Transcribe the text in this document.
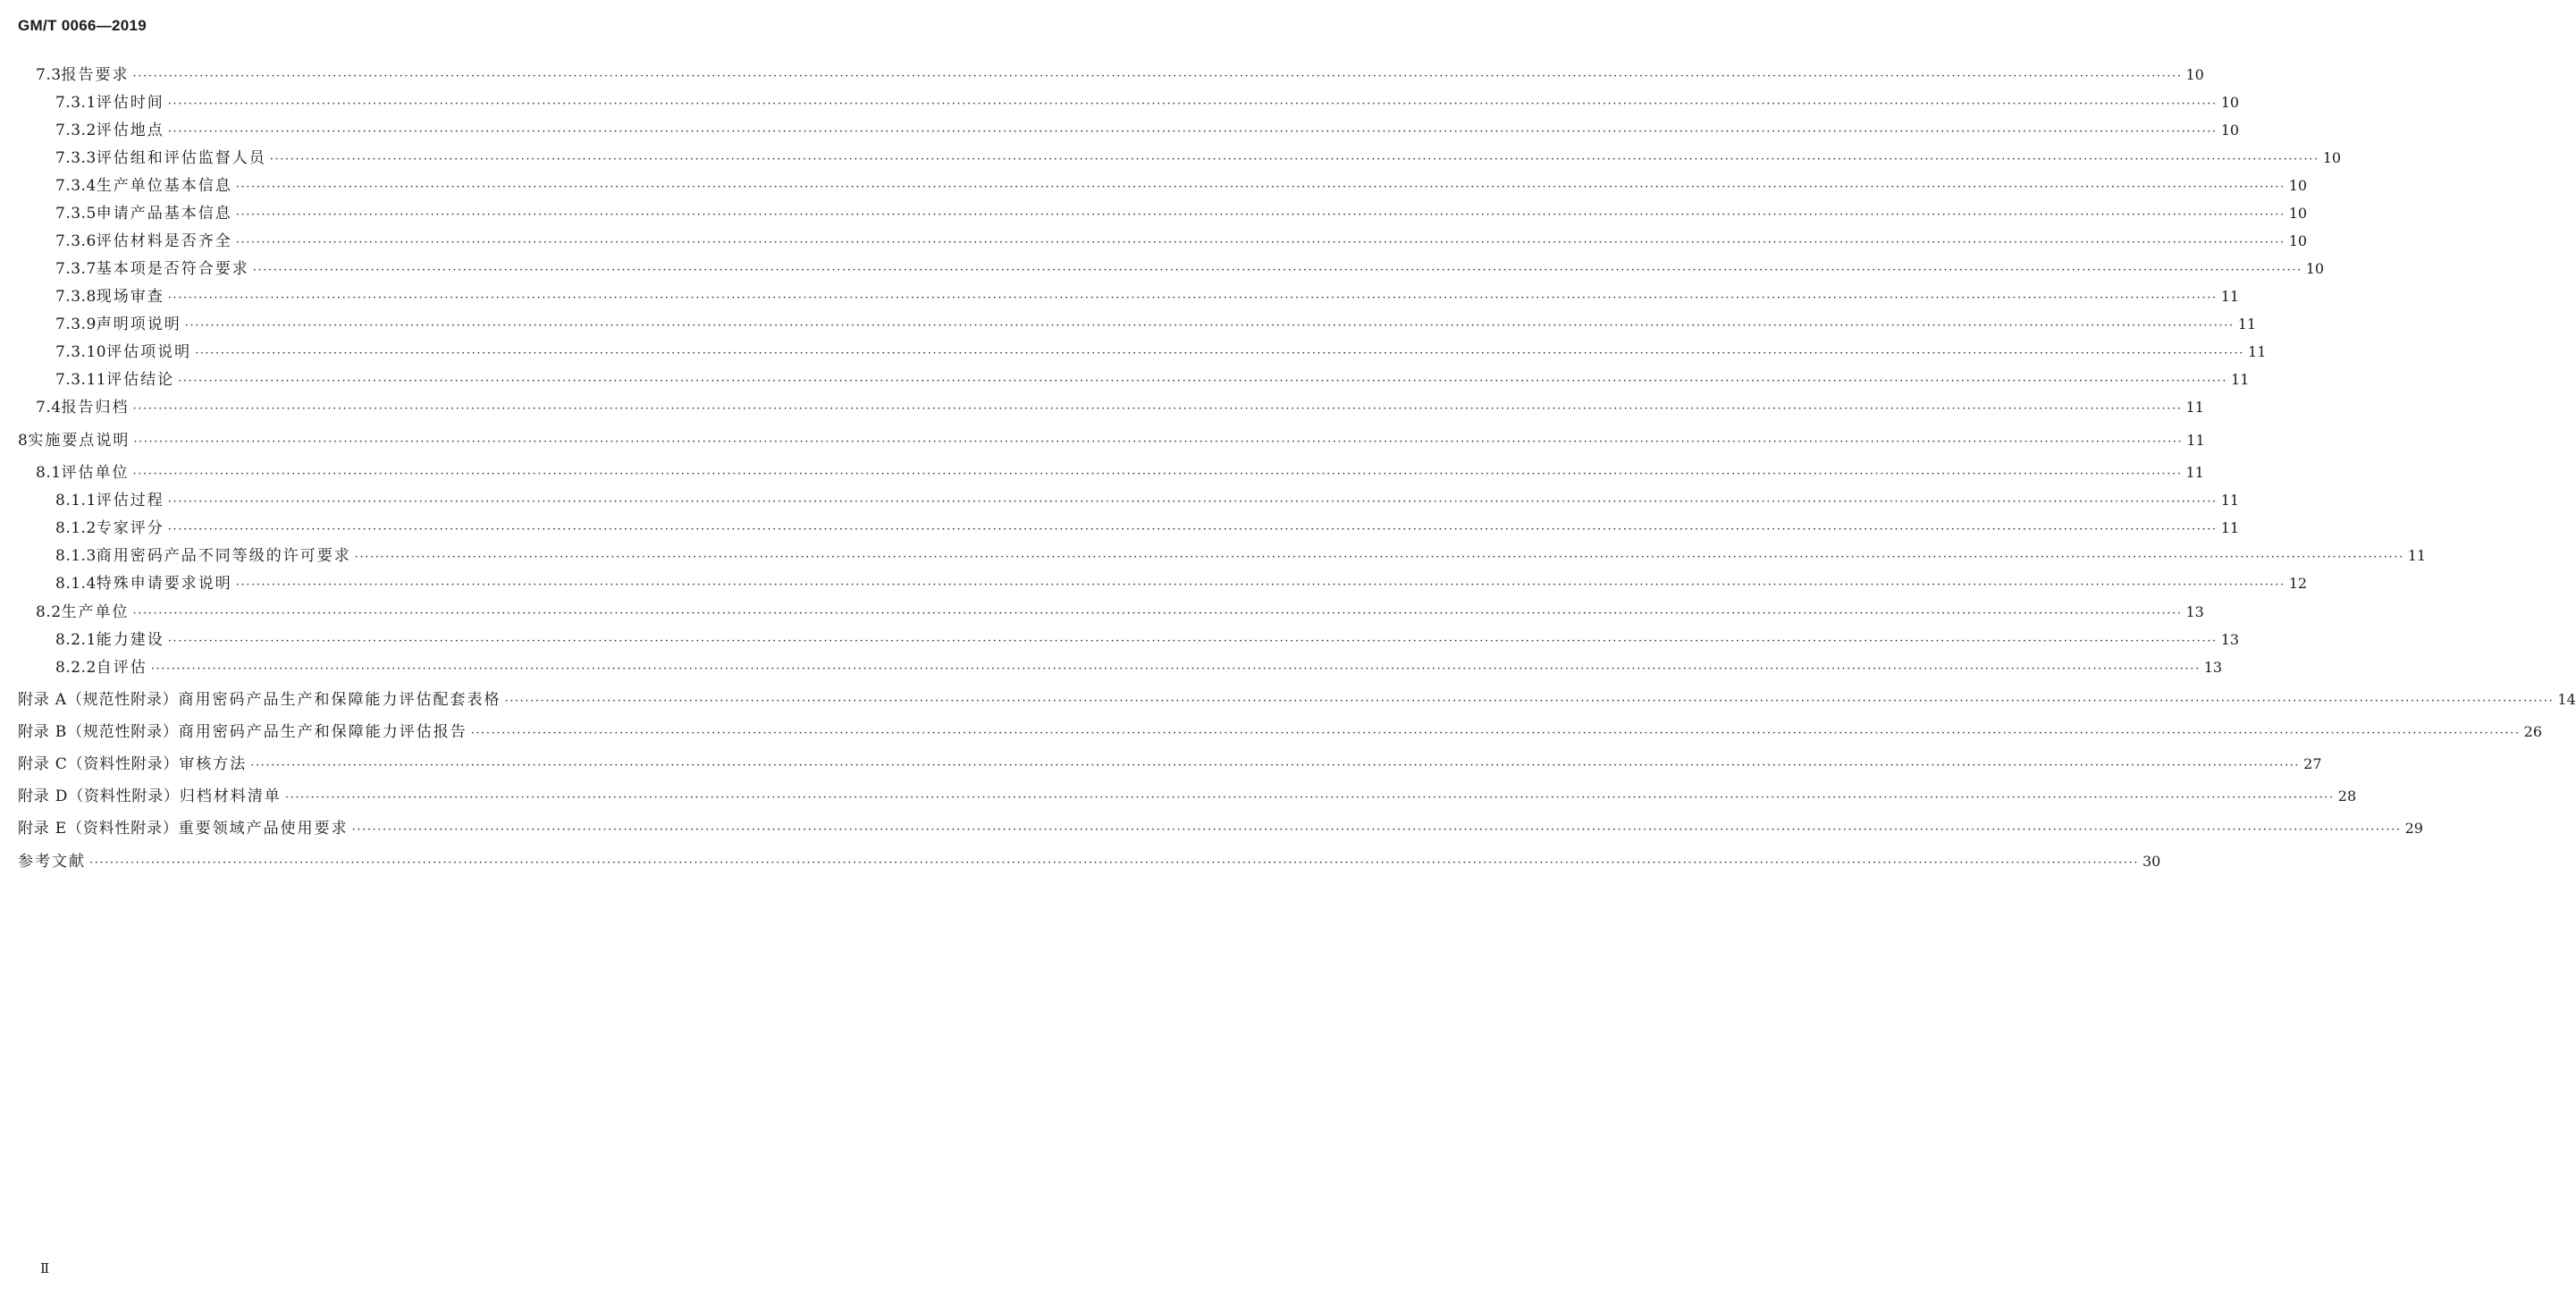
GM/T 0066—2019
7.3 报告要求 ················································································································································································································································································································································································································ 10
7.3.1 评估时间 ················································································································································································································································································································································································································ 10
7.3.2 评估地点 ················································································································································································································································································································································································································ 10
7.3.3 评估组和评估监督人员 ················································································································································································································································································································································································································ 10
7.3.4 生产单位基本信息 ················································································································································································································································································································································································································ 10
7.3.5 申请产品基本信息 ················································································································································································································································································································································································································ 10
7.3.6 评估材料是否齐全 ················································································································································································································································································································································································································ 10
7.3.7 基本项是否符合要求 ················································································································································································································································································································································································································ 10
7.3.8 现场审查 ················································································································································································································································································································································································································ 11
7.3.9 声明项说明 ················································································································································································································································································································································································································ 11
7.3.10 评估项说明 ················································································································································································································································································································································································································ 11
7.3.11 评估结论 ················································································································································································································································································································································································································ 11
7.4 报告归档 ················································································································································································································································································································································································································ 11
8 实施要点说明 ················································································································································································································································································································································································································ 11
8.1 评估单位 ················································································································································································································································································································································································································ 11
8.1.1 评估过程 ················································································································································································································································································································································································································ 11
8.1.2 专家评分 ················································································································································································································································································································································································································ 11
8.1.3 商用密码产品不同等级的许可要求 ················································································································································································································································································································································································································ 11
8.1.4 特殊申请要求说明 ················································································································································································································································································································································································································ 12
8.2 生产单位 ················································································································································································································································································································································································································ 13
8.2.1 能力建设 ················································································································································································································································································································································································································ 13
8.2.2 自评估 ················································································································································································································································································································································································································ 13
附录 A（规范性附录） 商用密码产品生产和保障能力评估配套表格 ················································································································································································································································································································································································································ 14
附录 B（规范性附录） 商用密码产品生产和保障能力评估报告 ················································································································································································································································································································································································································ 26
附录 C（资料性附录） 审核方法 ················································································································································································································································································································································································································ 27
附录 D（资料性附录） 归档材料清单 ················································································································································································································································································································································································································ 28
附录 E（资料性附录） 重要领域产品使用要求 ················································································································································································································································································································································································································ 29
参考文献 ················································································································································································································································································································································································································ 30
Ⅱ
